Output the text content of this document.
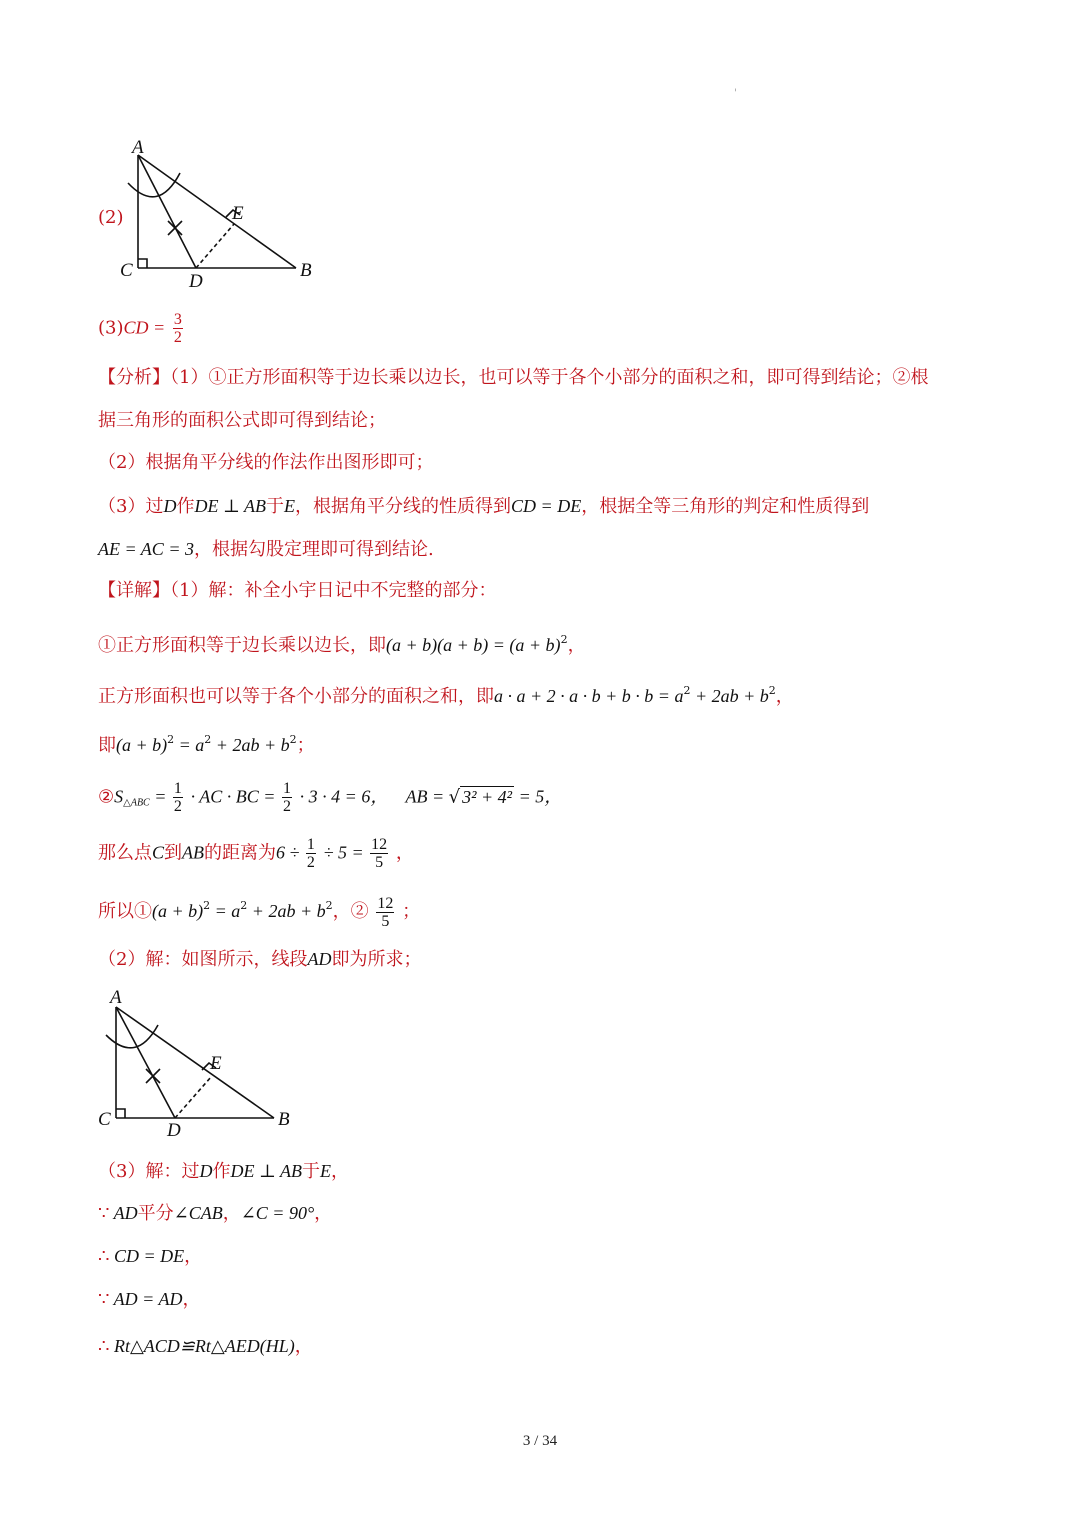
'
(2)
A
C
D
E
B
$(3)CD = \frac{3}{2}$
【分析】（1）①正方形面积等于边长乘以边长，也可以等于各个小部分的面积之和，即可得到结论；②根
据三角形的面积公式即可得到结论；
（2）根据角平分线的作法作出图形即可；
（3）过D作DE ⊥ AB于E，根据角平分线的性质得到CD = DE，根据全等三角形的判定和性质得到
AE = AC = 3，根据勾股定理即可得到结论.
【详解】（1）解：补全小宇日记中不完整的部分：
①正方形面积等于边长乘以边长，即$(a + b)(a + b) = (a + b)^2$，
正方形面积也可以等于各个小部分的面积之和，即$a \cdot a + 2 \cdot a \cdot b + b \cdot b = a^2 + 2ab + b^2$，
即$(a + b)^2 = a^2 + 2ab + b^2$；
$②S_{\triangle ABC} = \frac{1}{2}$ · AC · BC = $\frac{1}{2} \cdot 3 \cdot 4 = 6$， AB = √ 3² + 4² = 5，
那么点C到AB的距离为$6 \div \frac{1}{2} \div 5 = \frac{12}{5}$ ，
所以①(a + $b)^2 = a^2 + 2ab + b^2$，② $\frac{12}{5}$ ；
（2）解：如图所示，线段AD即为所求；
A
C
D
E
B
（3）解：过D作DE ⊥ AB于E，
∵ AD平分∠CAB，∠C = 90°，
∴ CD = DE，
∵ AD = AD，
∴ Rt△ACD≌Rt△AED(HL)，
3 / 34
